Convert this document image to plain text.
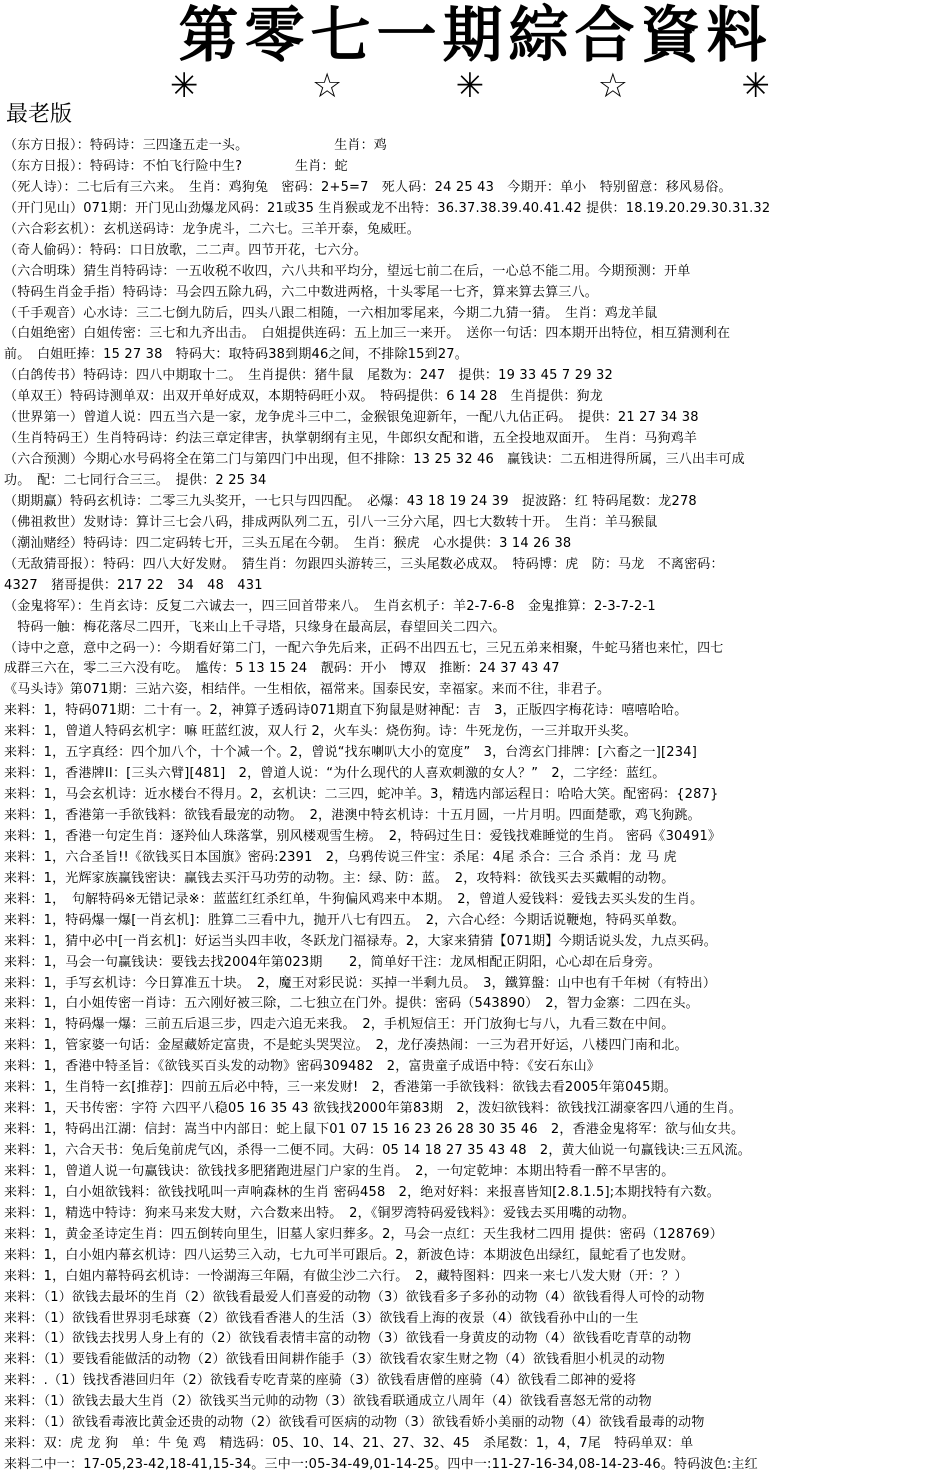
第零七一期綜合資料
✳	☆	✳	☆	✳
最老版
（东方日报）：特码诗：三四逢五走一头。　　　　　　　生肖：鸡
（东方日报）：特码诗：不怕飞行险中生?　　　　生肖：蛇
（死人诗）：二七后有三六来。　生肖：鸡狗兔　密码：2+5=7　死人码：24 25 43　今期开：单小　特别留意：移风易俗。
（开门见山）071期：开门见山劲爆龙风码：21或35 生肖猴或龙不出特：36.37.38.39.40.41.42 提供：18.19.20.29.30.31.32
（六合彩玄机）：玄机送码诗：龙争虎斗，二六七。三羊开泰，兔威旺。
（奇人偷码）：特码：口日放歌，二二声。四节开花，七六分。
（六合明珠）猜生肖特码诗：一五收税不收四，六八共和平均分，望远七前二在后，一心总不能二用。今期预测：开单
（特码生肖金手指）特码诗：马会四五除九码，六二中数进两格，十头零尾一七齐，算来算去算三八。
（千手观音）心水诗：三二七倒九防后，四头八跟二相随，一六相加零尾来，今期二九猜一猜。　生肖：鸡龙羊鼠
（白姐绝密）白姐传密：三七和九齐出击。　白姐提供连码：五上加三一来开。　送你一句话：四本期开出特位，相互猜测利在
前。　白姐旺捧：15 27 38　特码大：取特码38到期46之间，不排除15到27。
（白鸽传书）特码诗：四八中期取十二。　生肖提供：猪牛鼠　尾数为：247　提供：19 33 45 7 29 32
（单双王）特码诗测单双：出双开单好成双，本期特码旺小双。　特码提供：6 14 28　生肖提供：狗龙
（世界第一）曾道人说：四五当六是一家，龙争虎斗三中二，金猴银兔迎新年，一配八九佔正码。　提供：21 27 34 38
（生肖特码王）生肖特码诗：约法三章定律害，执掌朝纲有主见，牛郎织女配和谐，五全投地双面开。　生肖：马狗鸡羊
（六合预测）今期心水号码将全在第二门与第四门中出现，但不排除：13 25 32 46　赢钱诀：二五相进得所属，三八出丰可成
功。　配：二七同行合三三。　提供：2 25 34
（期期赢）特码玄机诗：二零三九头奖开，一七只与四四配。　必爆：43 18 19 24 39　捉波路：红 特码尾数：龙278
（佛祖救世）发财诗：算计三七会八码，排成两队列二五，引八一三分六尾，四七大数转十开。　生肖：羊马猴鼠
（潮汕赌经）特码诗：四二定码转七开，三头五尾在今朝。　生肖：猴虎　心水提供：3 14 26 38
（无敌猜哥报）：特码：四八大好发财。　猜生肖：勿跟四头游转三，三头尾数必成双。　特码博：虎　防：马龙　不离密码：
4327　猪哥提供：217 22　34　48　431
（金鬼将军）：生肖玄诗：反复二六诚去一，四三回首带来八。　生肖玄机子：羊2-7-6-8　金鬼推算：2-3-7-2-1
　特码一触：梅花落尽二四开，飞来山上千寻塔，只缘身在最高层，春望回关二四六。
（诗中之意，意中之码一）：今期看好第二门，一配六争先后来，正码不出四五七，三兄五弟来相聚，牛蛇马猪也来忙，四七
成群三六在，零二三六没有吃。　尴传：5 13 15 24　靓码：开小　博双　推断：24 37 43 47
《马头诗》第071期：三站六姿，相结伴。一生相依，福常来。国泰民安，幸福家。来而不往，非君子。
来料：1，特码071期：二十有一。2，神算子透码诗071期直下狗鼠是财神配：吉　3，正版四字梅花诗：嘻嘻哈哈。
来料：1，曾道人特码玄机字：嘛 旺蓝红波，双人行 2，火车头：烧伤狗。诗：牛死龙伤，一三并取开头奖。
来料：1，五字真经：四个加八个，十个减一个。2，曾说“找东喇叭大小的宽度”　3，台湾玄门排牌：[六畜之一][234]
来料：1，香港牌II：[三头六臂][481]　2，曾道人说：“为什么现代的人喜欢刺激的女人？”　2，二字经：蓝红。
来料：1，马会玄机诗：近水楼台不得月。2，玄机诀：二三四，蛇冲羊。3，精选内部运程日：哈哈大笑。配密码：{287}
来料：1，香港第一手欲钱料：欲钱看最宠的动物。　2，港澳中特玄机诗：十五月圆，一片月明。四面楚歌，鸡飞狗跳。
来料：1，香港一句定生肖：逐羚仙人珠落掌，别风楼观雪生榜。　2，特码过生日：爱钱找难睡觉的生肖。 密码《30491》
来料：1，六合圣旨!!《欲钱买日本国旗》密码:2391　2，乌鸦传说三件宝：杀尾：4尾 杀合：三合 杀肖：龙 马 虎
来料：1，光辉家族赢钱密诀：赢钱去买汗马功劳的动物。主：绿、防：蓝。　2，攻特料：欲钱买去买戴帽的动物。
来料：1，　句解特码※无错记录※：蓝蓝红红杀红单，牛狗偏风鸡来中本期。　2，曾道人爱钱料：爱钱去买头发的生肖。
来料：1，特码爆一爆[一肖玄机]：胜算二三看中九，抛开八七有四五。　2，六合心经：今期话说鞭炮，特码买单数。
来料：1，猜中必中[一肖玄机]：好运当头四丰收，冬跃龙门福禄寿。2，大家来猜猜【071期】今期话说头发，九点买码。
来料：1，马会一句赢钱诀：要钱去找2004年第023期　　2，简单好干注：龙凤相配正阴阳，心心却在后身旁。
来料：1，手写玄机诗：今日算准五十块。　2，魔王对彩民说：买掉一半剩九员。　3，鐵算盤：山中也有千年树（有特出）
来料：1，白小姐传密一肖诗：五六刚好被三除，二七独立在门外。提供：密码（543890）　2，智力金寨：二四在头。
来料：1，特码爆一爆：三前五后退三步，四走六追无来我。　2，手机短信王：开门放狗七与八，九看三数在中间。
来料：1，管家婆一句话：金屋藏娇定富贵，不是蛇头哭哭泣。　2，龙仔凑热闹：一三为君开好运，八楼四门南和北。
来料：1，香港中特圣旨：《欲钱买百头发的动物》密码309482　2，富贵童子成语中特：《安石东山》
来料：1，生肖特一玄[推荐]：四前五后必中特，三一来发财!　2，香港第一手欲钱料：欲钱去看2005年第045期。
来料：1，天书传密：字符 六四平八稳05 16 35 43 欲钱找2000年第83期　2，泼妇欲钱料：欲钱找江湖豪客四八通的生肖。
来料：1，特码出江湖：信封：嵩当中内部日：蛇上鼠下01 07 15 16 23 26 28 30 35 46　2，香港金鬼将军：欲与仙女共。
来料：1，六合天书：兔后兔前虎气凶，杀得一二便不同。大码：05 14 18 27 35 43 48　2，黄大仙说一句赢钱诀:三五风流。
来料：1，曾道人说一句赢钱诀：欲钱找多肥猪跑进屋门户家的生肖。　2，一句定乾坤：本期出特看一醉不早害的。
来料：1，白小姐欲钱料：欲钱找吼叫一声响森林的生肖 密码458　2，绝对好料：来报喜皆知[2.8.1.5];本期找特有六数。
来料：1，精选中特诗：狗来马来发大财，六合数来出特。　2，《铜罗湾特码爱钱料》：爱钱去买用嘴的动物。
来料：1，黄金圣诗定生肖：四五倒转向里生，旧墓人家归葬多。2，马会一点红：天生我材二四用 提供：密码（128769）
来料：1，白小姐内幕玄机诗：四八运势三入动，七九可半可跟后。2，新波色诗：本期波色出绿红，鼠蛇看了也发财。
来料：1，白姐内幕特码玄机诗：一怜湖海三年隔，有做尘沙二六行。　2，藏特图料：四来一来七八发大财（开：？）
来料：（1）欲钱去最坏的生肖（2）欲钱看最爱人们喜爱的动物（3）欲钱看多子多孙的动物（4）欲钱看得人可怜的动物
来料：（1）欲钱看世界羽毛球赛（2）欲钱看香港人的生活（3）欲钱看上海的夜景（4）欲钱看孙中山的一生
来料：（1）欲钱去找男人身上有的（2）欲钱看表情丰富的动物（3）欲钱看一身黄皮的动物（4）欲钱看吃青草的动物
来料：（1）要钱看能做活的动物（2）欲钱看田间耕作能手（3）欲钱看农家生财之物（4）欲钱看胆小机灵的动物
来料：.（1）钱找香港回归年（2）欲钱看专吃青菜的座骑（3）欲钱看唐僧的座骑（4）欲钱看二郎神的爱将
来料：（1）欲钱去最大生肖（2）欲钱买当元帅的动物（3）欲钱看联通成立八周年（4）欲钱看喜怒无常的动物
来料：（1）欲钱看毒液比黄金还贵的动物（2）欲钱看可医病的动物（3）欲钱看娇小美丽的动物（4）欲钱看最毒的动物
来料：双：虎 龙 狗　单：牛 兔 鸡　精选码：05、10、14、21、27、32、45　杀尾数：1，4，7尾　特码单双：单
来料二中一：17-05,23-42,18-41,15-34。三中一:05-34-49,01-14-25。四中一:11-27-16-34,08-14-23-46。特码波色:主红
